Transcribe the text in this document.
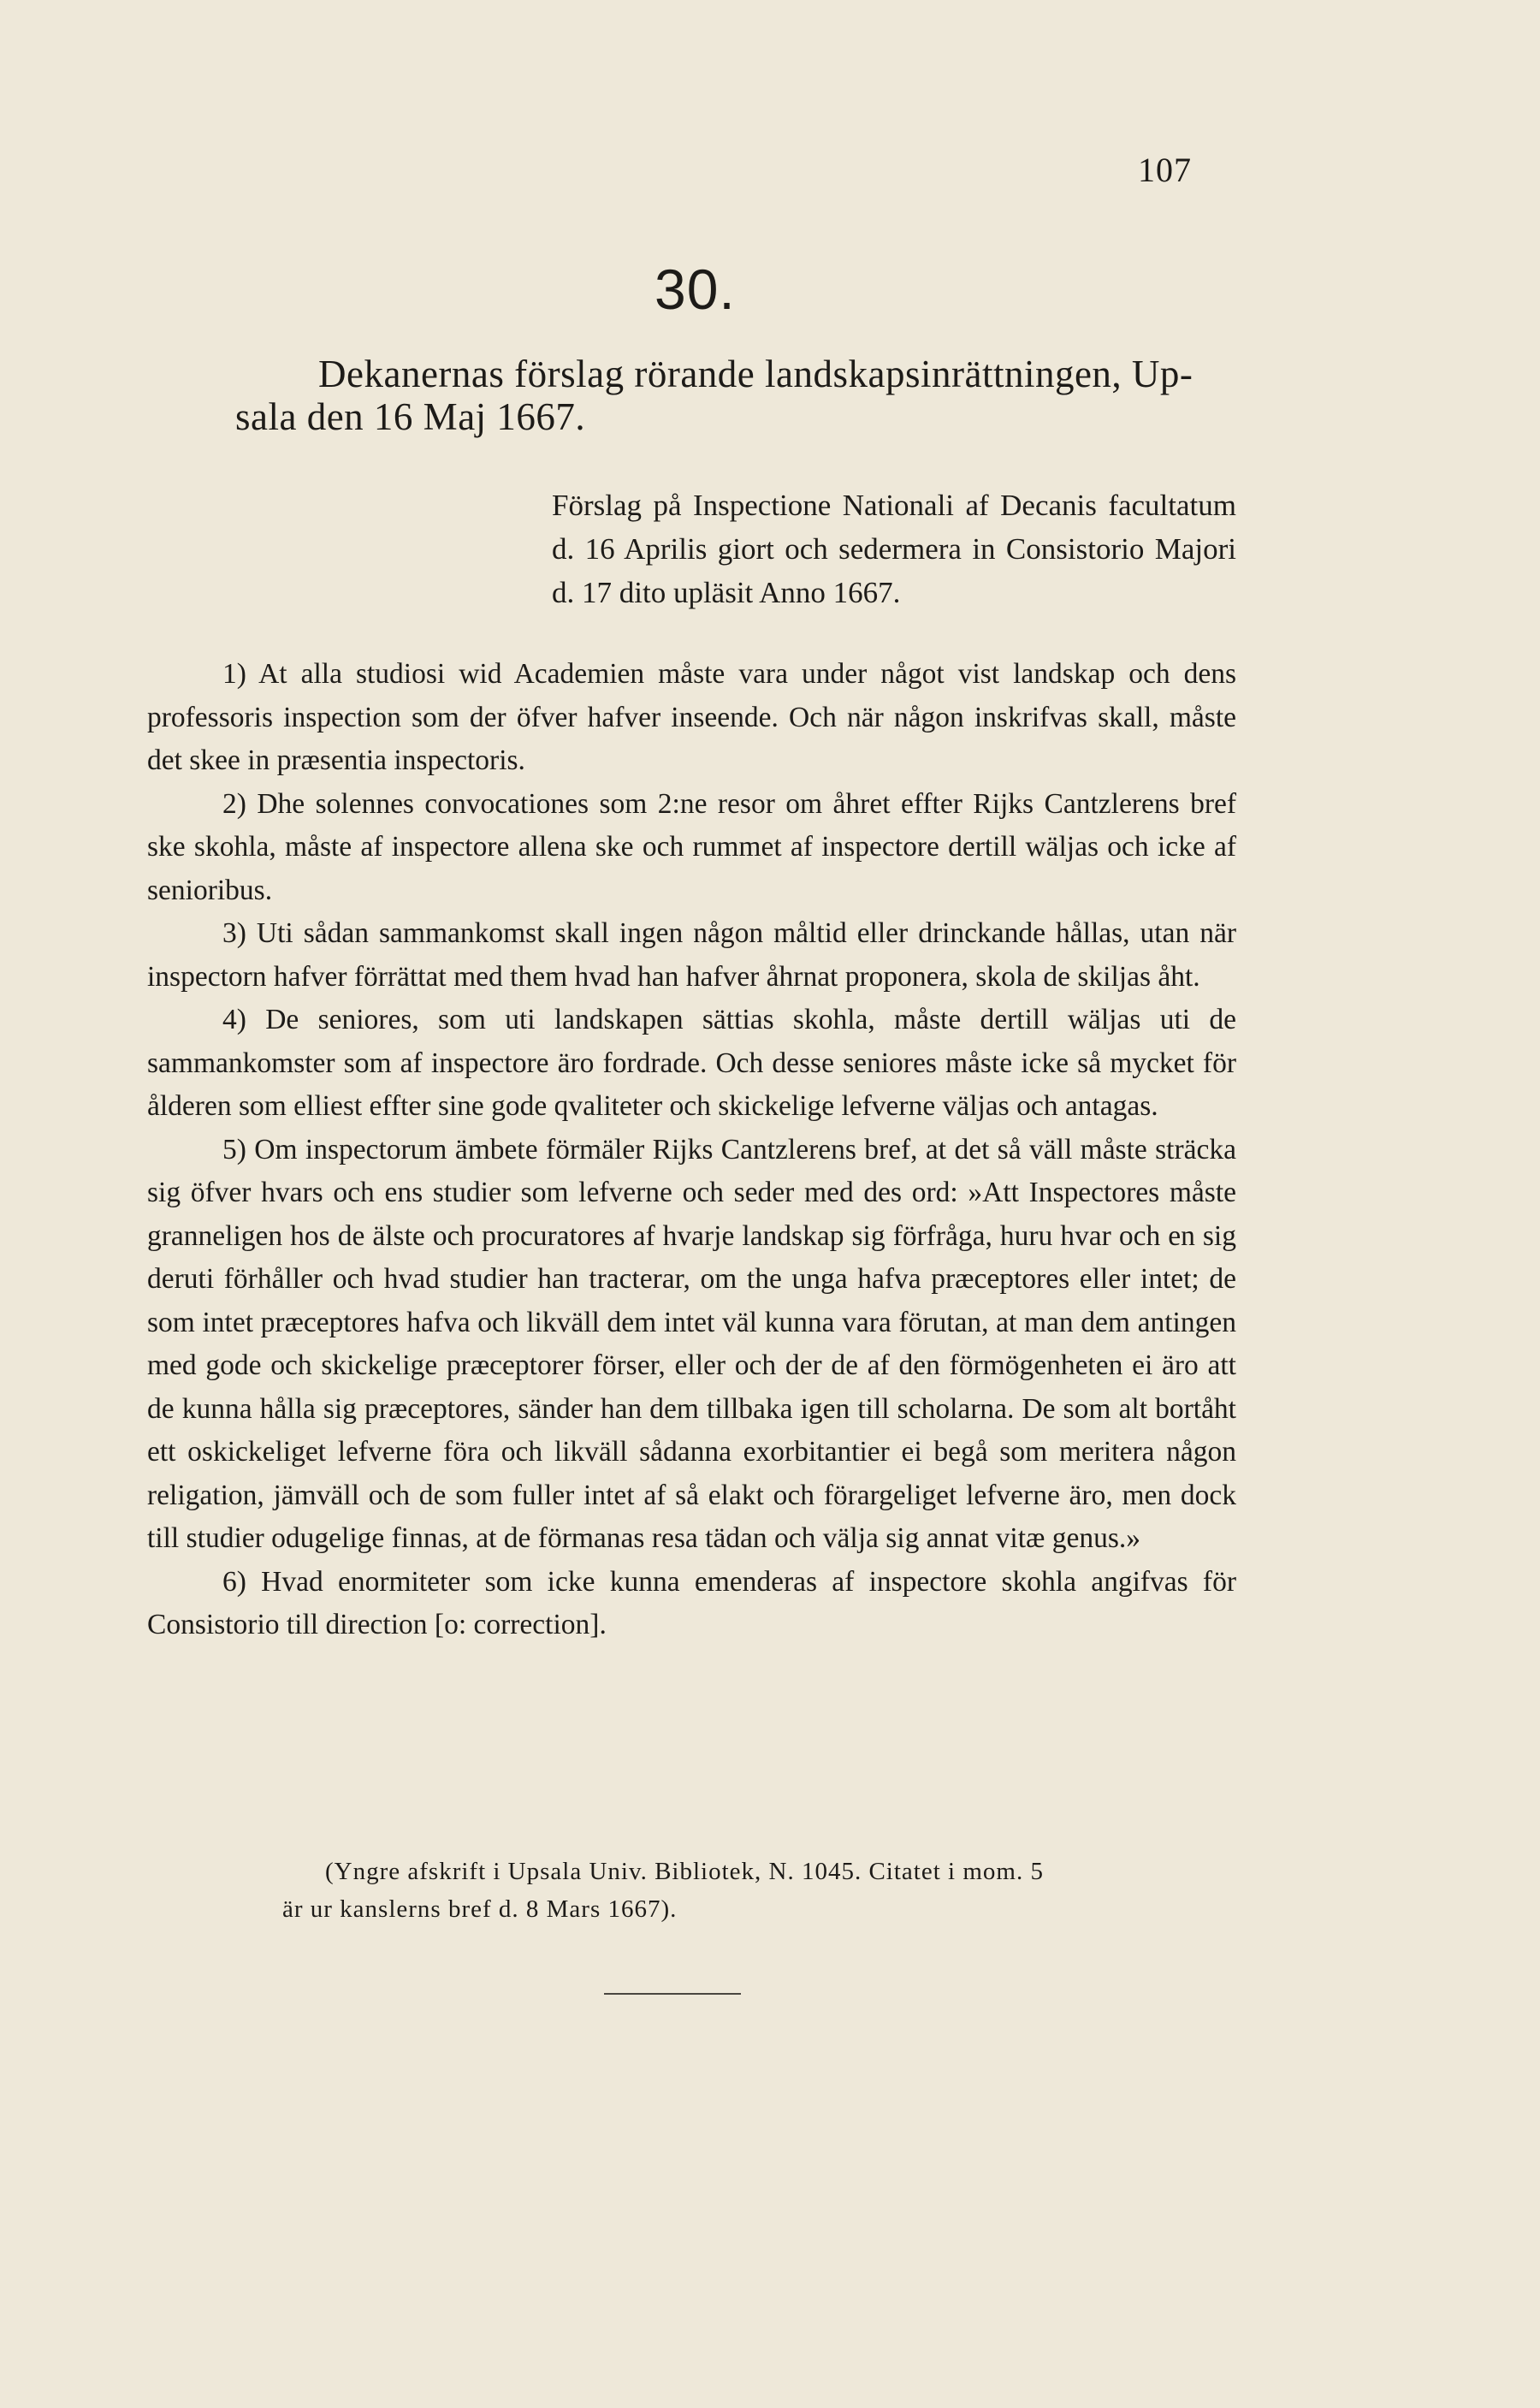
107
30.
Dekanernas förslag rörande landskapsinrättningen, Up-
sala den 16 Maj 1667.
Förslag på Inspectione Nationali af Decanis facultatum d. 16 Aprilis giort och sedermera in Consistorio Majori d. 17 dito upläsit Anno 1667.

1) At alla studiosi wid Academien måste vara under något vist landskap och dens professoris inspection som der öfver hafver inseende. Och när någon inskrifvas skall, måste det skee in præsentia inspectoris.

2) Dhe solennes convocationes som 2:ne resor om åhret effter Rijks Cantzlerens bref ske skohla, måste af inspectore allena ske och rummet af inspectore dertill wäljas och icke af senioribus.

3) Uti sådan sammankomst skall ingen någon måltid eller drinckande hållas, utan när inspectorn hafver förrättat med them hvad han hafver åhrnat proponera, skola de skiljas åht.

4) De seniores, som uti landskapen sättias skohla, måste dertill wäljas uti de sammankomster som af inspectore äro fordrade. Och desse seniores måste icke så mycket för ålderen som elliest effter sine gode qvaliteter och skickelige lefverne väljas och antagas.

5) Om inspectorum ämbete förmäler Rijks Cantzlerens bref, at det så väll måste sträcka sig öfver hvars och ens studier som lefverne och seder med des ord: »Att Inspectores måste granneligen hos de älste och procuratores af hvarje landskap sig förfråga, huru hvar och en sig deruti förhåller och hvad studier han tracterar, om the unga hafva præceptores eller intet; de som intet præceptores hafva och likväll dem intet väl kunna vara förutan, at man dem antingen med gode och skickelige præceptorer förser, eller och der de af den förmögenheten ei äro att de kunna hålla sig præceptores, sänder han dem tillbaka igen till scholarna. De som alt bortåht ett oskickeliget lefverne föra och likväll sådanna exorbitantier ei begå som meritera någon religation, jämväll och de som fuller intet af så elakt och förargeliget lefverne äro, men dock till studier odugelige finnas, at de förmanas resa tädan och välja sig annat vitæ genus.»

6) Hvad enormiteter som icke kunna emenderas af inspectore skohla angifvas för Consistorio till direction [o: correction].

(Yngre afskrift i Upsala Univ. Bibliotek, N. 1045. Citatet i mom. 5
är ur kanslerns bref d. 8 Mars 1667).
